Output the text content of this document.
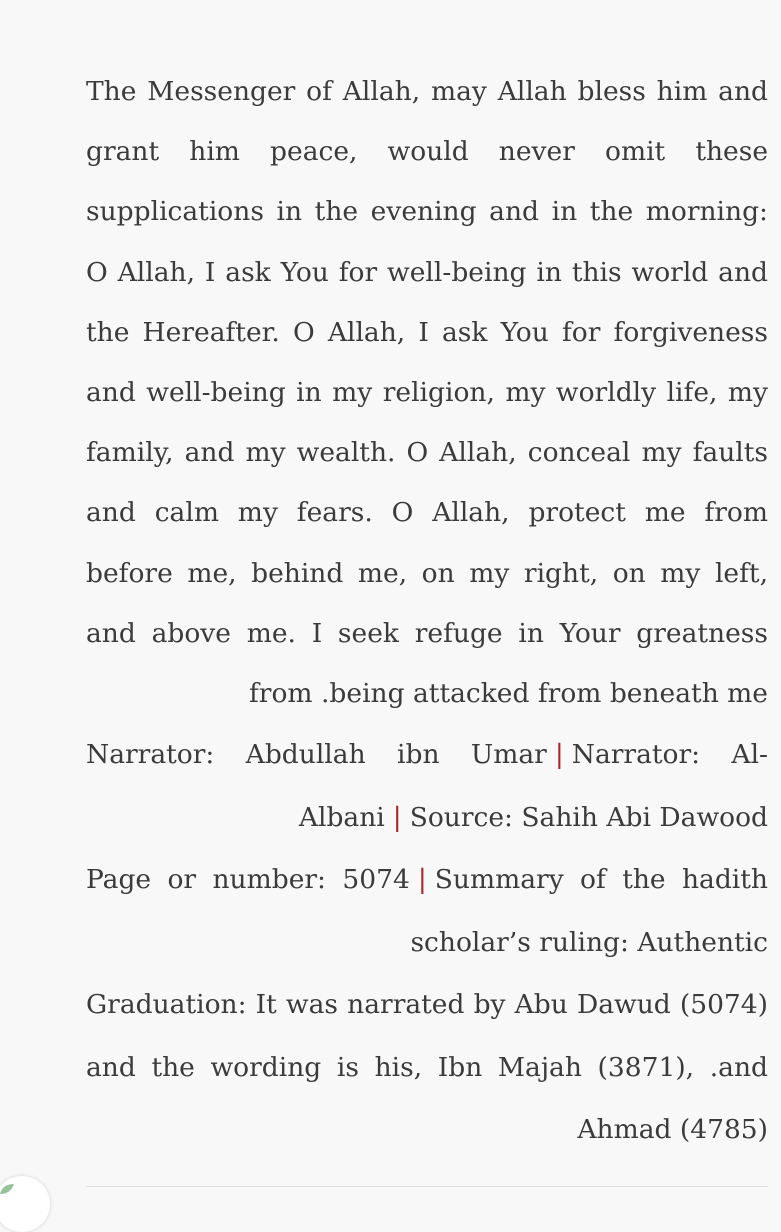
The Messenger of Allah, may Allah bless him and grant him peace, would never omit these supplications in the evening and in the morning: O Allah, I ask You for well-being in this world and the Hereafter. O Allah, I ask You for forgiveness and well-being in my religion, my worldly life, my family, and my wealth. O Allah, conceal my faults and calm my fears. O Allah, protect me from before me, behind me, on my right, on my left, and above me. I seek refuge in Your greatness from .being attacked from beneath me

Narrator: Abdullah ibn Umar | Narrator: Al-Albani | Source: Sahih Abi Dawood

Page or number: 5074 | Summary of the hadith scholar’s ruling: Authentic

Graduation: It was narrated by Abu Dawud (5074) and the wording is his, Ibn Majah (3871), .and Ahmad (4785)
